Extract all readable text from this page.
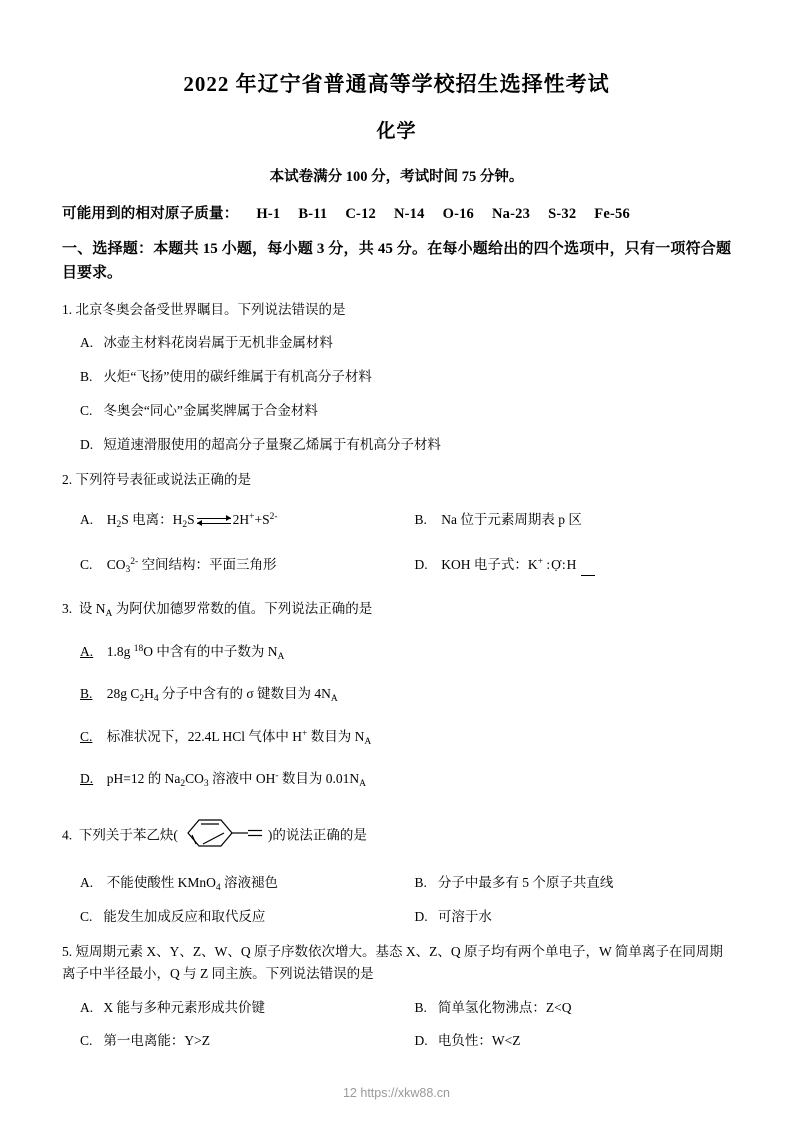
2022 年辽宁省普通高等学校招生选择性考试
化学
本试卷满分 100 分，考试时间 75 分钟。
可能用到的相对原子质量： H-1 B-11 C-12 N-14 O-16 Na-23 S-32 Fe-56
一、选择题：本题共 15 小题，每小题 3 分，共 45 分。在每小题给出的四个选项中，只有一项符合题目要求。
1. 北京冬奥会备受世界瞩目。下列说法错误的是
A. 冰壶主材料花岗岩属于无机非金属材料
B. 火炬“飞扬”使用的碳纤维属于有机高分子材料
C. 冬奥会“同心”金属奖牌属于合金材料
D. 短道速滑服使用的超高分子量聚乙烯属于有机高分子材料
2. 下列符号表征或说法正确的是
A.  $H_2S$ 电离：$H_2S$	$2H^++S^{2-}$	B.  Na 位于元素周期表 p 区
C.  $CO_3^{2-}$ 空间结构：平面三角形	D.  KOH 电子式：K+ :Ọ̇:H
3.  设 $N_A$ 为阿伏加德罗常数的值。下列说法正确的是
A.  1.8g $^{18}$O 中含有的中子数为 $N_A$
B.  28g $C_2H_4$ 分子中含有的 σ 键数目为 $4N_A$
C.  标准状况下，22.4L HCl 气体中 H+ 数目为 $N_A$
D.  pH=12 的 $Na_2CO_3$ 溶液中 OH- 数目为 $0.01N_A$
4.  下列关于苯乙炔(	)的说法正确的是
A.  不能使酸性 KMnO$_4$ 溶液褪色	B. 分子中最多有 5 个原子共直线
C. 能发生加成反应和取代反应	D. 可溶于水
5. 短周期元素 X、Y、Z、W、Q 原子序数依次增大。基态 X、Z、Q 原子均有两个单电子，W 简单离子在同周期离子中半径最小，Q 与 Z 同主族。下列说法错误的是
A. X 能与多种元素形成共价键	B. 简单氢化物沸点：Z<Q
C. 第一电离能：Y>Z	D. 电负性：W<Z
12 https://xkw88.cn
